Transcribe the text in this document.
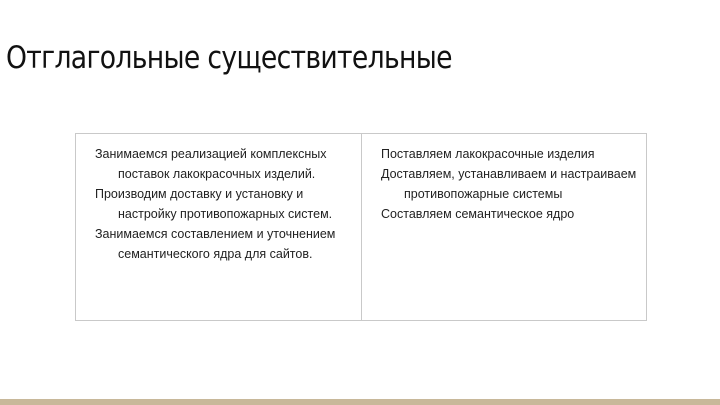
Отглагольные существительные
Занимаемся реализацией комплексных поставок лакокрасочных изделий.
Производим доставку и установку и настройку противопожарных систем.
Занимаемся составлением и уточнением семантического ядра для сайтов.
Поставляем лакокрасочные изделия
Доставляем, устанавливаем и настраиваем противопожарные системы
Составляем семантическое ядро
